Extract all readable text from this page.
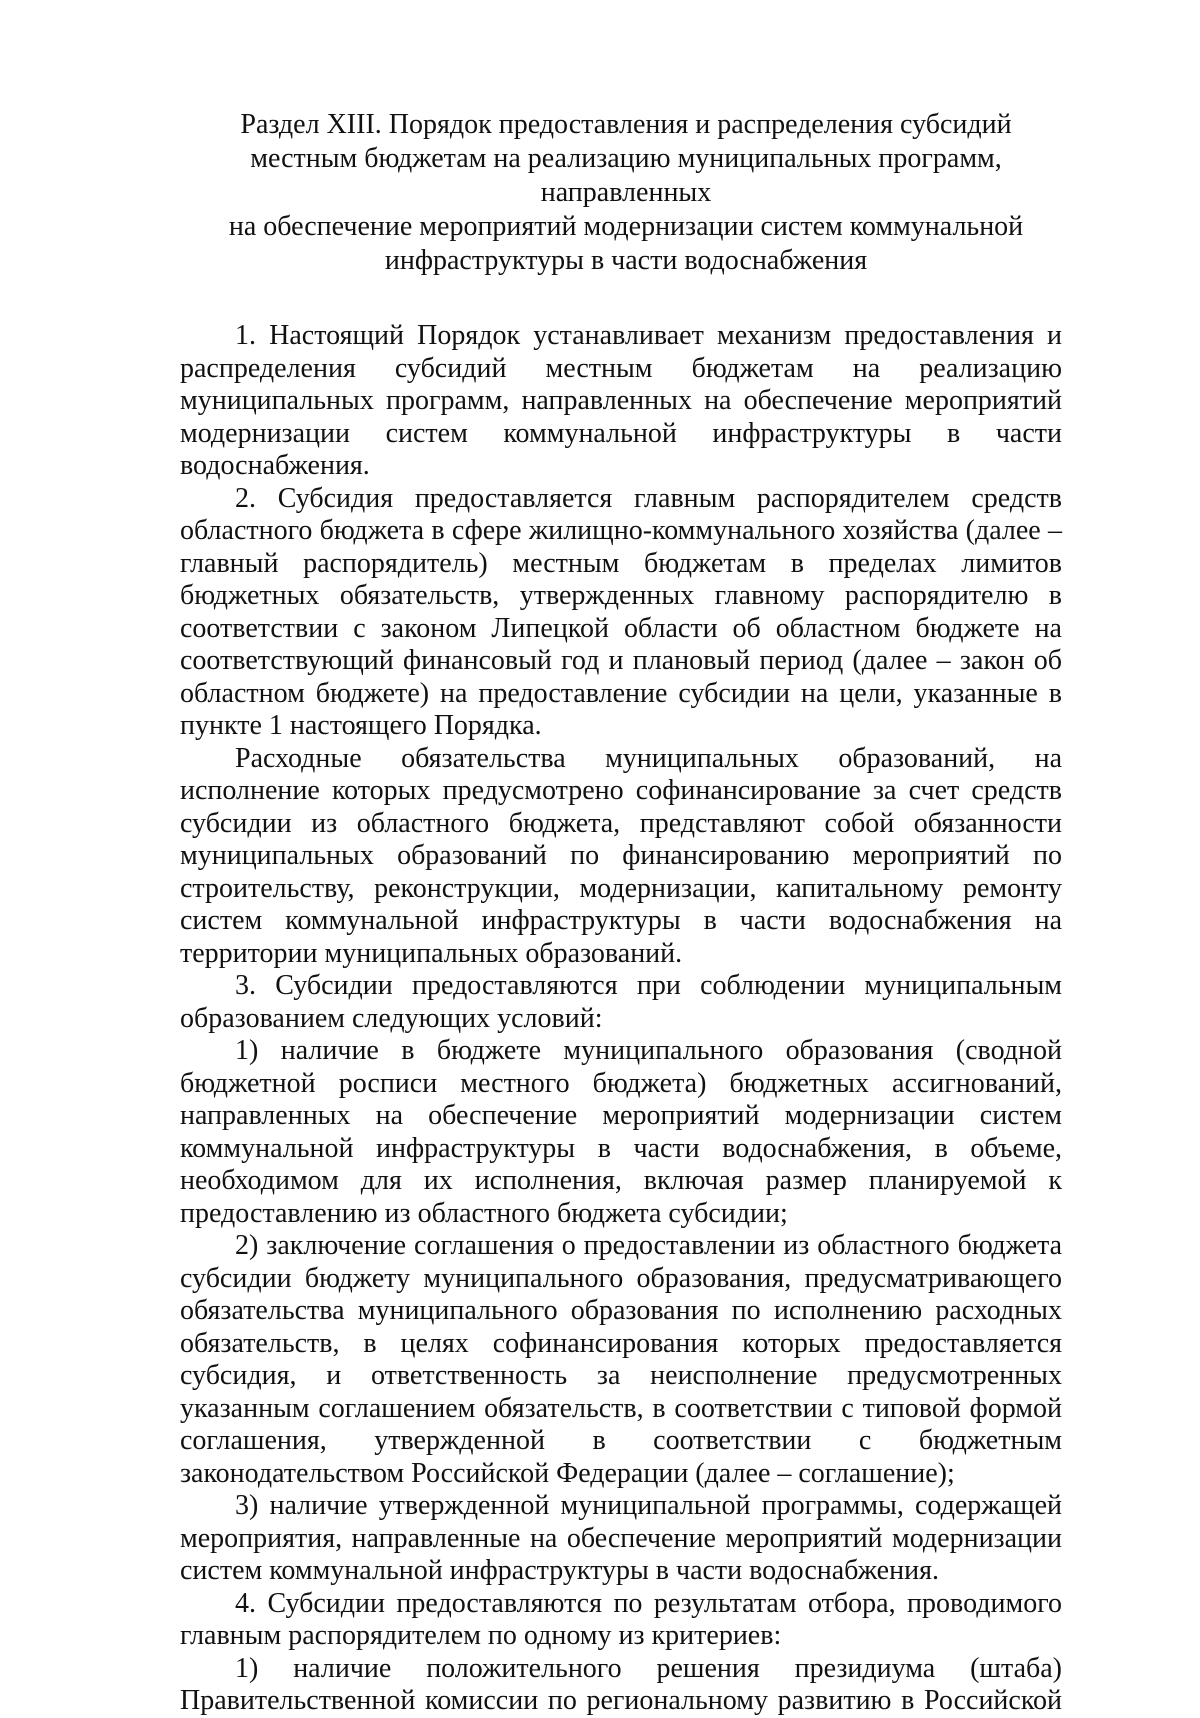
Раздел XIII. Порядок предоставления и распределения субсидий
местным бюджетам на реализацию муниципальных программ, направленных
на обеспечение мероприятий модернизации систем коммунальной
инфраструктуры в части водоснабжения

1. Настоящий Порядок устанавливает механизм предоставления и распределения субсидий местным бюджетам на реализацию муниципальных программ, направленных на обеспечение мероприятий модернизации систем коммунальной инфраструктуры в части водоснабжения.

2. Субсидия предоставляется главным распорядителем средств областного бюджета в сфере жилищно-коммунального хозяйства (далее – главный распорядитель) местным бюджетам в пределах лимитов бюджетных обязательств, утвержденных главному распорядителю в соответствии с законом Липецкой области об областном бюджете на соответствующий финансовый год и плановый период (далее – закон об областном бюджете) на предоставление субсидии на цели, указанные в пункте 1 настоящего Порядка.

Расходные обязательства муниципальных образований, на исполнение которых предусмотрено софинансирование за счет средств субсидии из областного бюджета, представляют собой обязанности муниципальных образований по финансированию мероприятий по строительству, реконструкции, модернизации, капитальному ремонту систем коммунальной инфраструктуры в части водоснабжения на территории муниципальных образований.

3. Субсидии предоставляются при соблюдении муниципальным образованием следующих условий:

1) наличие в бюджете муниципального образования (сводной бюджетной росписи местного бюджета) бюджетных ассигнований, направленных на обеспечение мероприятий модернизации систем коммунальной инфраструктуры в части водоснабжения, в объеме, необходимом для их исполнения, включая размер планируемой к предоставлению из областного бюджета субсидии;

2) заключение соглашения о предоставлении из областного бюджета субсидии бюджету муниципального образования, предусматривающего обязательства муниципального образования по исполнению расходных обязательств, в целях софинансирования которых предоставляется субсидия, и ответственность за неисполнение предусмотренных указанным соглашением обязательств, в соответствии с типовой формой соглашения, утвержденной в соответствии с бюджетным законодательством Российской Федерации (далее – соглашение);

3) наличие утвержденной муниципальной программы, содержащей мероприятия, направленные на обеспечение мероприятий модернизации систем коммунальной инфраструктуры в части водоснабжения.

4. Субсидии предоставляются по результатам отбора, проводимого главным распорядителем по одному из критериев:

1) наличие положительного решения президиума (штаба) Правительственной комиссии по региональному развитию в Российской
